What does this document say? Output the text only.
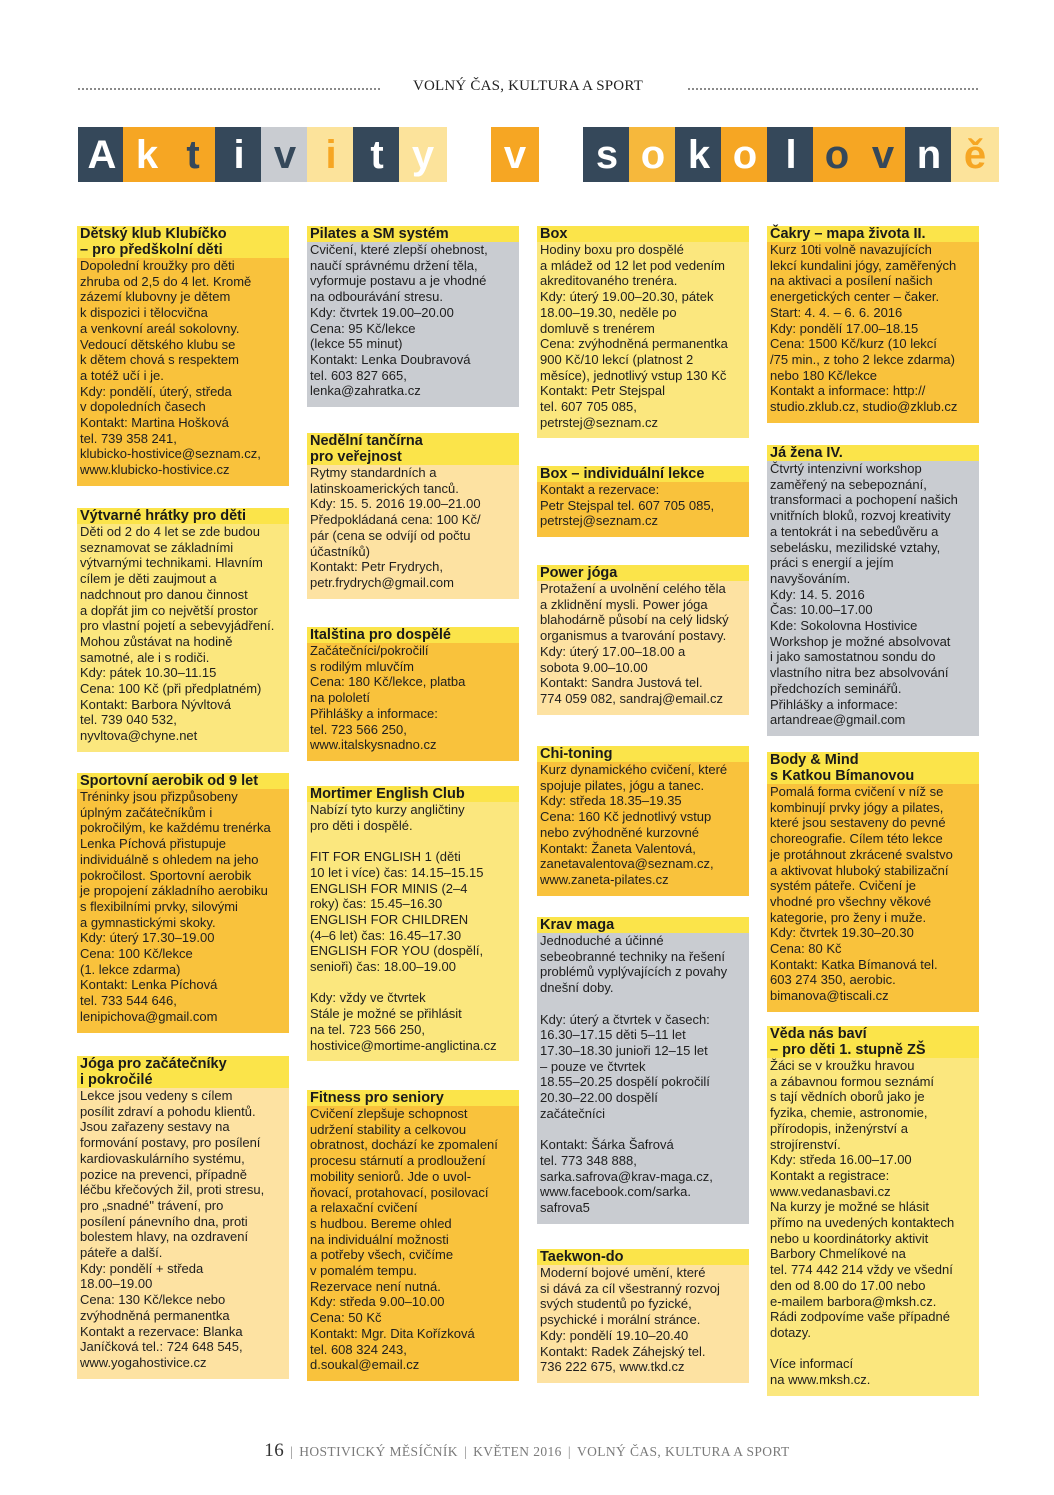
VOLNÝ ČAS, KULTURA A SPORT
A k t i v i t y	v	s o k o l o v n ě
Dětský klub Klubíčko
– pro předškolní děti
Dopolední kroužky pro děti
zhruba od 2,5 do 4 let. Kromě
zázemí klubovny je dětem
k dispozici i tělocvična
a venkovní areál sokolovny.
Vedoucí dětského klubu se
k dětem chová s respektem
a totéž učí i je.
Kdy: pondělí, úterý, středa
v dopoledních časech
Kontakt: Martina Hošková
tel. 739 358 241,
klubicko-hostivice@seznam.cz,
www.klubicko-hostivice.cz
Výtvarné hrátky pro děti
Děti od 2 do 4 let se zde budou
seznamovat se základními
výtvarnými technikami. Hlavním
cílem je děti zaujmout a
nadchnout pro danou činnost
a dopřát jim co největší prostor
pro vlastní pojetí a sebevyjádření.
Mohou zůstávat na hodině
samotné, ale i s rodiči.
Kdy: pátek 10.30–11.15
Cena: 100 Kč (při předplatném)
Kontakt: Barbora Nývltová
tel. 739 040 532,
nyvltova@chyne.net
Sportovní aerobik od 9 let
Tréninky jsou přizpůsobeny
úplným začátečníkům i
pokročilým, ke každému trenérka
Lenka Píchová přistupuje
individuálně s ohledem na jeho
pokročilost. Sportovní aerobik
je propojení základního aerobiku
s flexibilními prvky, silovými
a gymnastickými skoky.
Kdy: úterý 17.30–19.00
Cena: 100 Kč/lekce
(1. lekce zdarma)
Kontakt: Lenka Píchová
tel. 733 544 646,
lenipichova@gmail.com
Jóga pro začátečníky
i pokročilé
Lekce jsou vedeny s cílem
posílit zdraví a pohodu klientů.
Jsou zařazeny sestavy na
formování postavy, pro posílení
kardiovaskulárního systému,
pozice na prevenci, případně
léčbu křečových žil, proti stresu,
pro „snadné" trávení, pro
posílení pánevního dna, proti
bolestem hlavy, na ozdravení
páteře a další.
Kdy: pondělí + středa
18.00–19.00
Cena: 130 Kč/lekce nebo
zvýhodněná permanentka
Kontakt a rezervace: Blanka
Janíčková tel.: 724 648 545,
www.yogahostivice.cz
Pilates a SM systém
Cvičení, které zlepší ohebnost,
naučí správnému držení těla,
vyformuje postavu a je vhodné
na odbourávání stresu.
Kdy: čtvrtek 19.00–20.00
Cena: 95 Kč/lekce
(lekce 55 minut)
Kontakt: Lenka Doubravová
tel. 603 827 665,
lenka@zahratka.cz
Nedělní tančírna
pro veřejnost
Rytmy standardních a
latinskoamerických tanců.
Kdy: 15. 5. 2016 19.00–21.00
Předpokládaná cena: 100 Kč/
pár (cena se odvíjí od počtu
účastníků)
Kontakt: Petr Frydrych,
petr.frydrych@gmail.com
Italština pro dospělé
Začátečníci/pokročilí
s rodilým mluvčím
Cena: 180 Kč/lekce, platba
na pololetí
Přihlášky a informace:
tel. 723 566 250,
www.italskysnadno.cz
Mortimer English Club
Nabízí tyto kurzy angličtiny
pro děti i dospělé.
FIT FOR ENGLISH 1 (děti
10 let i více) čas: 14.15–15.15
ENGLISH FOR MINIS (2–4
roky) čas: 15.45–16.30
ENGLISH FOR CHILDREN
(4–6 let) čas: 16.45–17.30
ENGLISH FOR YOU (dospělí,
senioři) čas: 18.00–19.00
Kdy: vždy ve čtvrtek
Stále je možné se přihlásit
na tel. 723 566 250,
hostivice@mortime-anglictina.cz
Fitness pro seniory
Cvičení zlepšuje schopnost
udržení stability a celkovou
obratnost, dochází ke zpomalení
procesu stárnutí a prodloužení
mobility seniorů. Jde o uvol-
ňovací, protahovací, posilovací
a relaxační cvičení
s hudbou. Bereme ohled
na individuální možnosti
a potřeby všech, cvičíme
v pomalém tempu.
Rezervace není nutná.
Kdy: středa 9.00–10.00
Cena: 50 Kč
Kontakt: Mgr. Dita Kořízková
tel. 608 324 243,
d.soukal@email.cz
Box
Hodiny boxu pro dospělé
a mládež od 12 let pod vedením
akreditovaného trenéra.
Kdy: úterý 19.00–20.30, pátek
18.00–19.30, neděle po
domluvě s trenérem
Cena: zvýhodněná permanentka
900 Kč/10 lekcí (platnost 2
měsíce), jednotlivý vstup 130 Kč
Kontakt: Petr Stejspal
tel. 607 705 085,
petrstej@seznam.cz
Box – individuální lekce
Kontakt a rezervace:
Petr Stejspal tel. 607 705 085,
petrstej@seznam.cz
Power jóga
Protažení a uvolnění celého těla
a zklidnění mysli. Power jóga
blahodárně působí na celý lidský
organismus a tvarování postavy.
Kdy: úterý 17.00–18.00 a
sobota 9.00–10.00
Kontakt: Sandra Justová tel.
774 059 082, sandraj@email.cz
Chi-toning
Kurz dynamického cvičení, které
spojuje pilates, jógu a tanec.
Kdy: středa 18.35–19.35
Cena: 160 Kč jednotlivý vstup
nebo zvýhodněné kurzovné
Kontakt: Žaneta Valentová,
zanetavalentova@seznam.cz,
www.zaneta-pilates.cz
Krav maga
Jednoduché a účinné
sebeobranné techniky na řešení
problémů vyplývajících z povahy
dnešní doby.
Kdy: úterý a čtvrtek v časech:
16.30–17.15 děti 5–11 let
17.30–18.30 junioři 12–15 let
– pouze ve čtvrtek
18.55–20.25 dospělí pokročilí
20.30–22.00 dospělí
začátečníci
Kontakt: Šárka Šafrová
tel. 773 348 888,
sarka.safrova@krav-maga.cz,
www.facebook.com/sarka.
safrova5
Taekwon-do
Moderní bojové umění, které
si dává za cíl všestranný rozvoj
svých studentů po fyzické,
psychické i morální stránce.
Kdy: pondělí 19.10–20.40
Kontakt: Radek Záhejský tel.
736 222 675, www.tkd.cz
Čakry – mapa života II.
Kurz 10ti volně navazujících
lekcí kundalini jógy, zaměřených
na aktivaci a posílení našich
energetických center – čaker.
Start: 4. 4. – 6. 6. 2016
Kdy: pondělí 17.00–18.15
Cena: 1500 Kč/kurz (10 lekcí
/75 min., z toho 2 lekce zdarma)
nebo 180 Kč/lekce
Kontakt a informace: http://
studio.zklub.cz, studio@zklub.cz
Já žena IV.
Čtvrtý intenzivní workshop
zaměřený na sebepoznání,
transformaci a pochopení našich
vnitřních bloků, rozvoj kreativity
a tentokrát i na sebedůvěru a
sebelásku, mezilidské vztahy,
práci s energií a jejím
navyšováním.
Kdy: 14. 5. 2016
Čas: 10.00–17.00
Kde: Sokolovna Hostivice
Workshop je možné absolvovat
i jako samostatnou sondu do
vlastního nitra bez absolvování
předchozích seminářů.
Přihlášky a informace:
artandreae@gmail.com
Body & Mind
s Katkou Bímanovou
Pomalá forma cvičení v níž se
kombinují prvky jógy a pilates,
které jsou sestaveny do pevné
choreografie. Cílem této lekce
je protáhnout zkrácené svalstvo
a aktivovat hluboký stabilizační
systém páteře. Cvičení je
vhodné pro všechny věkové
kategorie, pro ženy i muže.
Kdy: čtvrtek 19.30–20.30
Cena: 80 Kč
Kontakt: Katka Bímanová tel.
603 274 350, aerobic.
bimanova@tiscali.cz
Věda nás baví
– pro děti 1. stupně ZŠ
Žáci se v kroužku hravou
a zábavnou formou seznámí
s tají vědních oborů jako je
fyzika, chemie, astronomie,
přírodopis, inženýrství a
strojírenství.
Kdy: středa 16.00–17.00
Kontakt a registrace:
www.vedanasbavi.cz
Na kurzy je možné se hlásit
přímo na uvedených kontaktech
nebo u koordinátorky aktivit
Barbory Chmelíkové na
tel. 774 442 214 vždy ve všední
den od 8.00 do 17.00 nebo
e-mailem barbora@mksh.cz.
Rádi zodpovíme vaše případné
dotazy.
Více informací
na www.mksh.cz.
16 | HOSTIVICKÝ MĚSÍČNÍK | KVĚTEN 2016 | VOLNÝ ČAS, KULTURA A SPORT
